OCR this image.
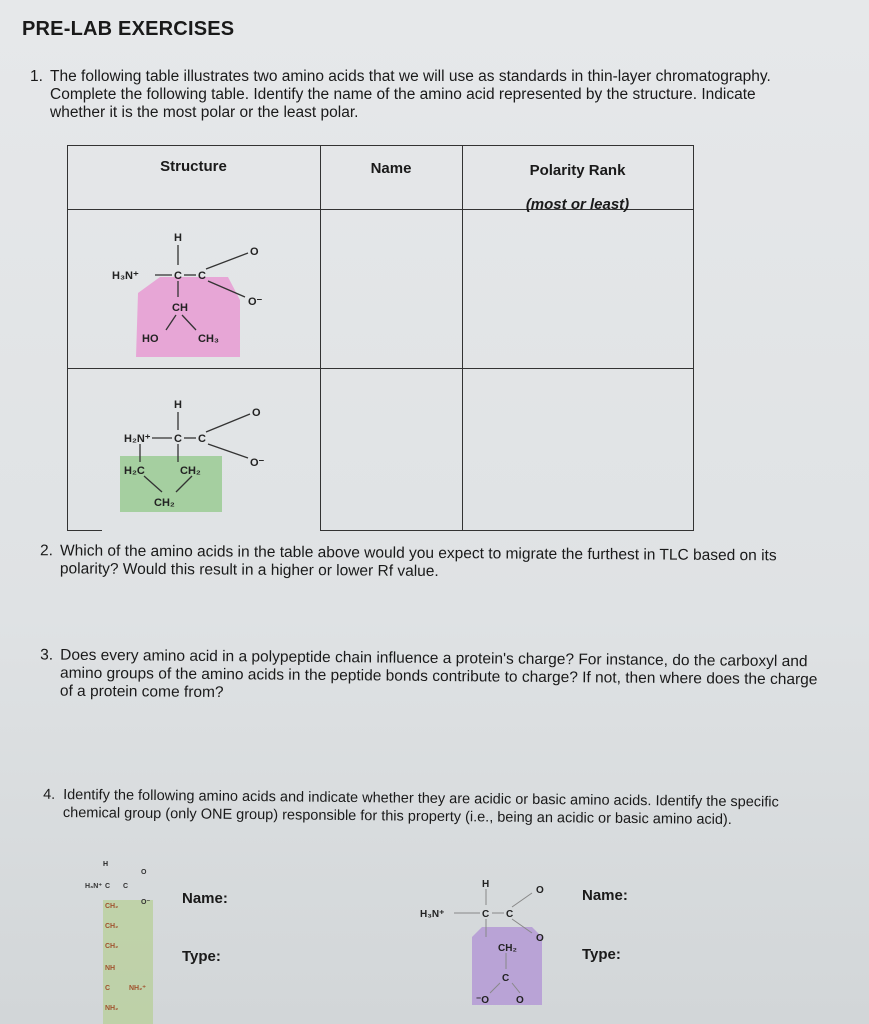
PRE-LAB EXERCISES
1. The following table illustrates two amino acids that we will use as standards in thin-layer chromatography. Complete the following table. Identify the name of the amino acid represented by the structure. Indicate whether it is the most polar or the least polar.
Structure	Name	Polarity Rank
(most or least)
H
H₃N⁺	C C
O
O⁻
CH
HO	CH₃
H
H₂N⁺ C C
O
O⁻
H₂C	CH₂
CH₂
2. Which of the amino acids in the table above would you expect to migrate the furthest in TLC based on its polarity? Would this result in a higher or lower Rf value.
3. Does every amino acid in a polypeptide chain influence a protein's charge? For instance, do the carboxyl and amino groups of the amino acids in the peptide bonds contribute to charge? If not, then where does the charge of a protein come from?
4. Identify the following amino acids and indicate whether they are acidic or basic amino acids. Identify the specific chemical group (only ONE group) responsible for this property (i.e., being an acidic or basic amino acid).
H
H₃N⁺ C C
O
O⁻
CH₂
CH₂
CH₂
NH
C	NH₂⁺
NH₂
Name:
Type:
H
H₃N⁺	C C
O
O
CH₂
C
⁻O	O
Name:
Type:
